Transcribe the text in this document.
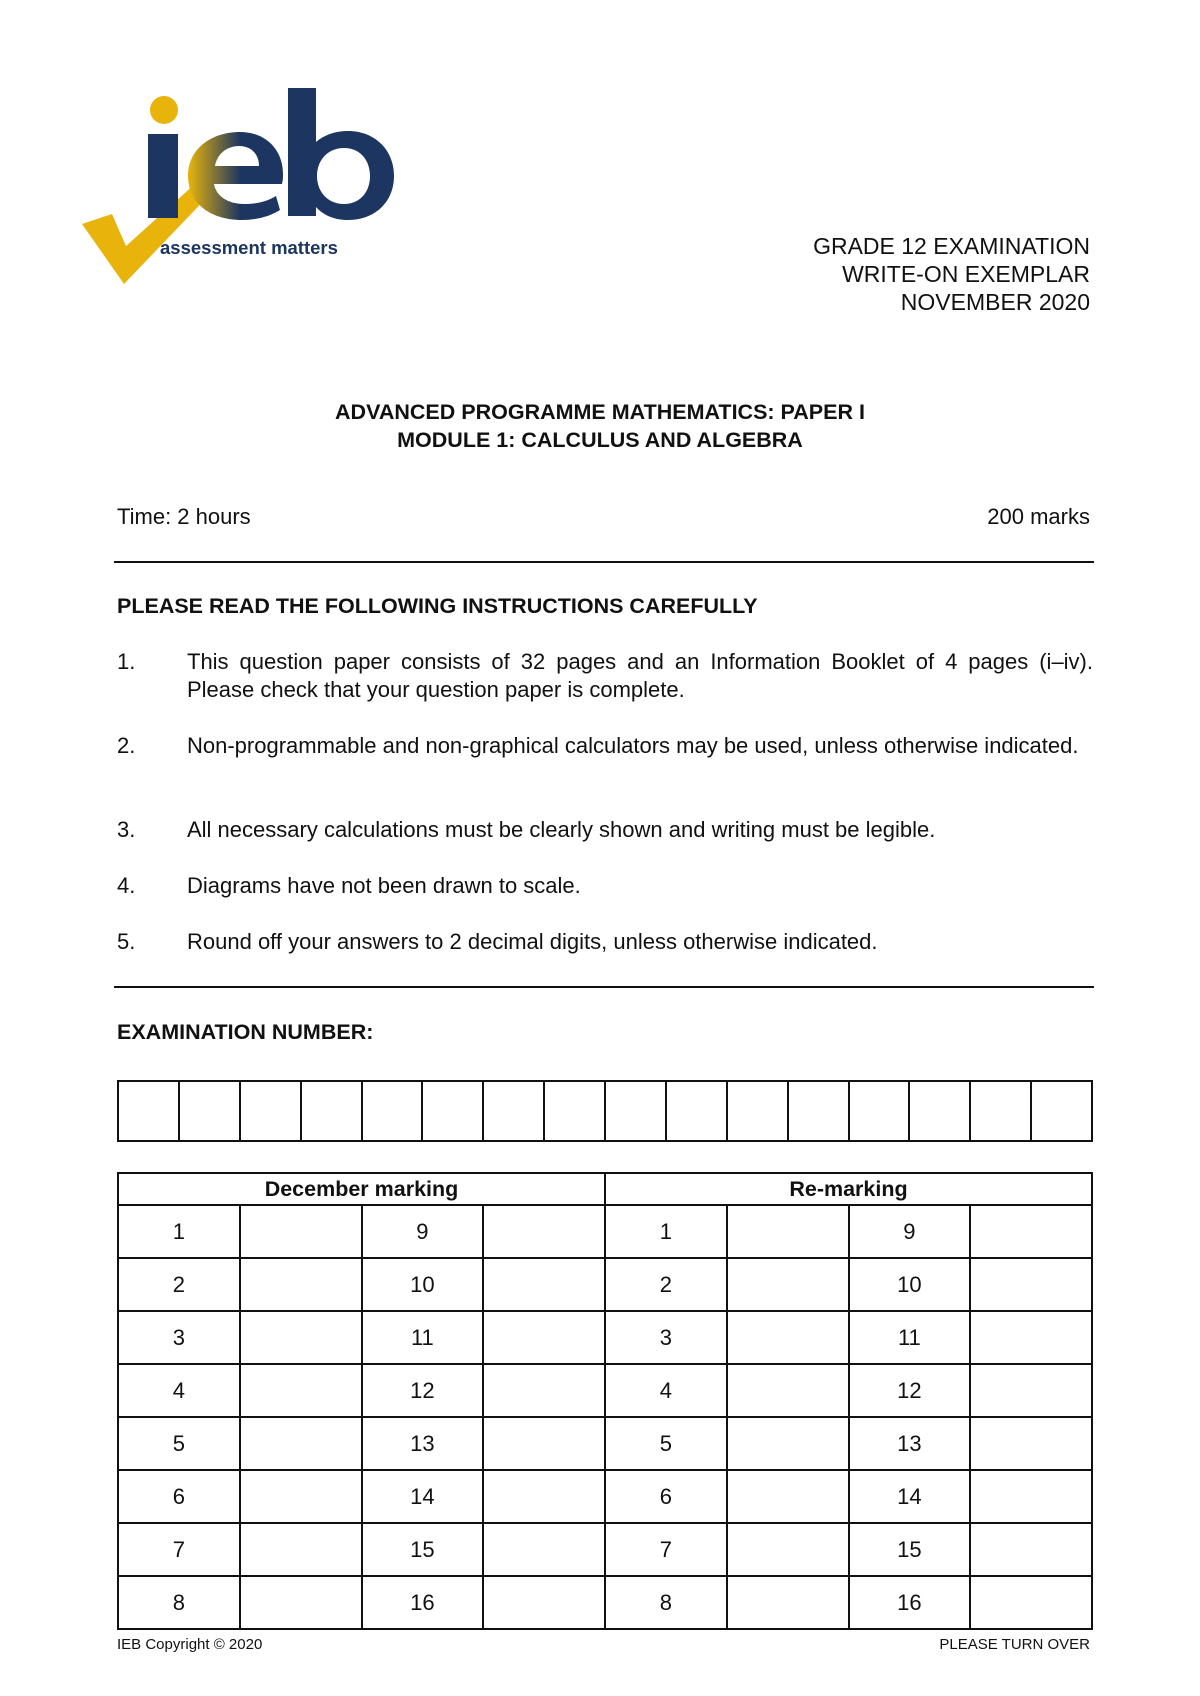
assessment matters	GRADE 12 EXAMINATION
WRITE-ON EXEMPLAR
NOVEMBER 2020
ADVANCED PROGRAMME MATHEMATICS: PAPER I
MODULE 1: CALCULUS AND ALGEBRA
Time: 2 hours	200 marks
PLEASE READ THE FOLLOWING INSTRUCTIONS CAREFULLY
1. This question paper consists of 32 pages and an Information Booklet of 4 pages (i–iv). Please check that your question paper is complete.
2. Non-programmable and non-graphical calculators may be used, unless otherwise indicated.
3. All necessary calculations must be clearly shown and writing must be legible.
4. Diagrams have not been drawn to scale.
5. Round off your answers to 2 decimal digits, unless otherwise indicated.
EXAMINATION NUMBER:
December marking				Re-marking			
1		9		1		9	
2		10		2		10	
3		11		3		11	
4		12		4		12	
5		13		5		13	
6		14		6		14	
7		15		7		15	
8		16		8		16	
IEB Copyright © 2020	PLEASE TURN OVER
